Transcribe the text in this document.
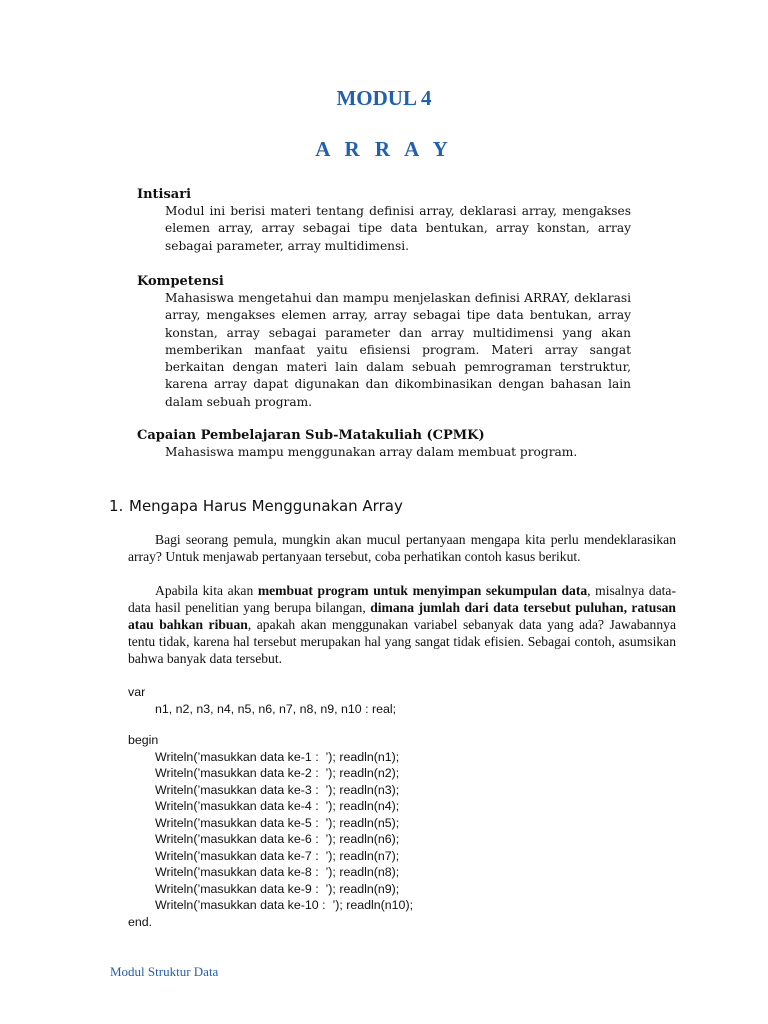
MODUL 4
A R R A Y
Intisari

Modul ini berisi materi tentang definisi array, deklarasi array, mengakses elemen array, array sebagai tipe data bentukan, array konstan, array sebagai parameter, array multidimensi.

Kompetensi

Mahasiswa mengetahui dan mampu menjelaskan definisi ARRAY, deklarasi array, mengakses elemen array, array sebagai tipe data bentukan, array konstan, array sebagai parameter dan array multidimensi yang akan memberikan manfaat yaitu efisiensi program. Materi array sangat berkaitan dengan materi lain dalam sebuah pemrograman terstruktur, karena array dapat digunakan dan dikombinasikan dengan bahasan lain dalam sebuah program.

Capaian Pembelajaran Sub-Matakuliah (CPMK)

Mahasiswa mampu menggunakan array dalam membuat program.

1. Mengapa Harus Menggunakan Array

Bagi seorang pemula, mungkin akan mucul pertanyaan mengapa kita perlu mendeklarasikan array? Untuk menjawab pertanyaan tersebut, coba perhatikan contoh kasus berikut.

Apabila kita akan membuat program untuk menyimpan sekumpulan data, misalnya data-data hasil penelitian yang berupa bilangan, dimana jumlah dari data tersebut puluhan, ratusan atau bahkan ribuan, apakah akan menggunakan variabel sebanyak data yang ada? Jawabannya tentu tidak, karena hal tersebut merupakan hal yang sangat tidak efisien. Sebagai contoh, asumsikan bahwa banyak data tersebut.

var
n1, n2, n3, n4, n5, n6, n7, n8, n9, n10 : real;
begin
Writeln(’masukkan data ke-1 :  ’); readln(n1);
Writeln(’masukkan data ke-2 :  ’); readln(n2);
Writeln(’masukkan data ke-3 :  ’); readln(n3);
Writeln(’masukkan data ke-4 :  ’); readln(n4);
Writeln(’masukkan data ke-5 :  ’); readln(n5);
Writeln(’masukkan data ke-6 :  ’); readln(n6);
Writeln(’masukkan data ke-7 :  ’); readln(n7);
Writeln(’masukkan data ke-8 :  ’); readln(n8);
Writeln(’masukkan data ke-9 :  ’); readln(n9);
Writeln(’masukkan data ke-10 :  ’); readln(n10);
end.
Modul Struktur Data
